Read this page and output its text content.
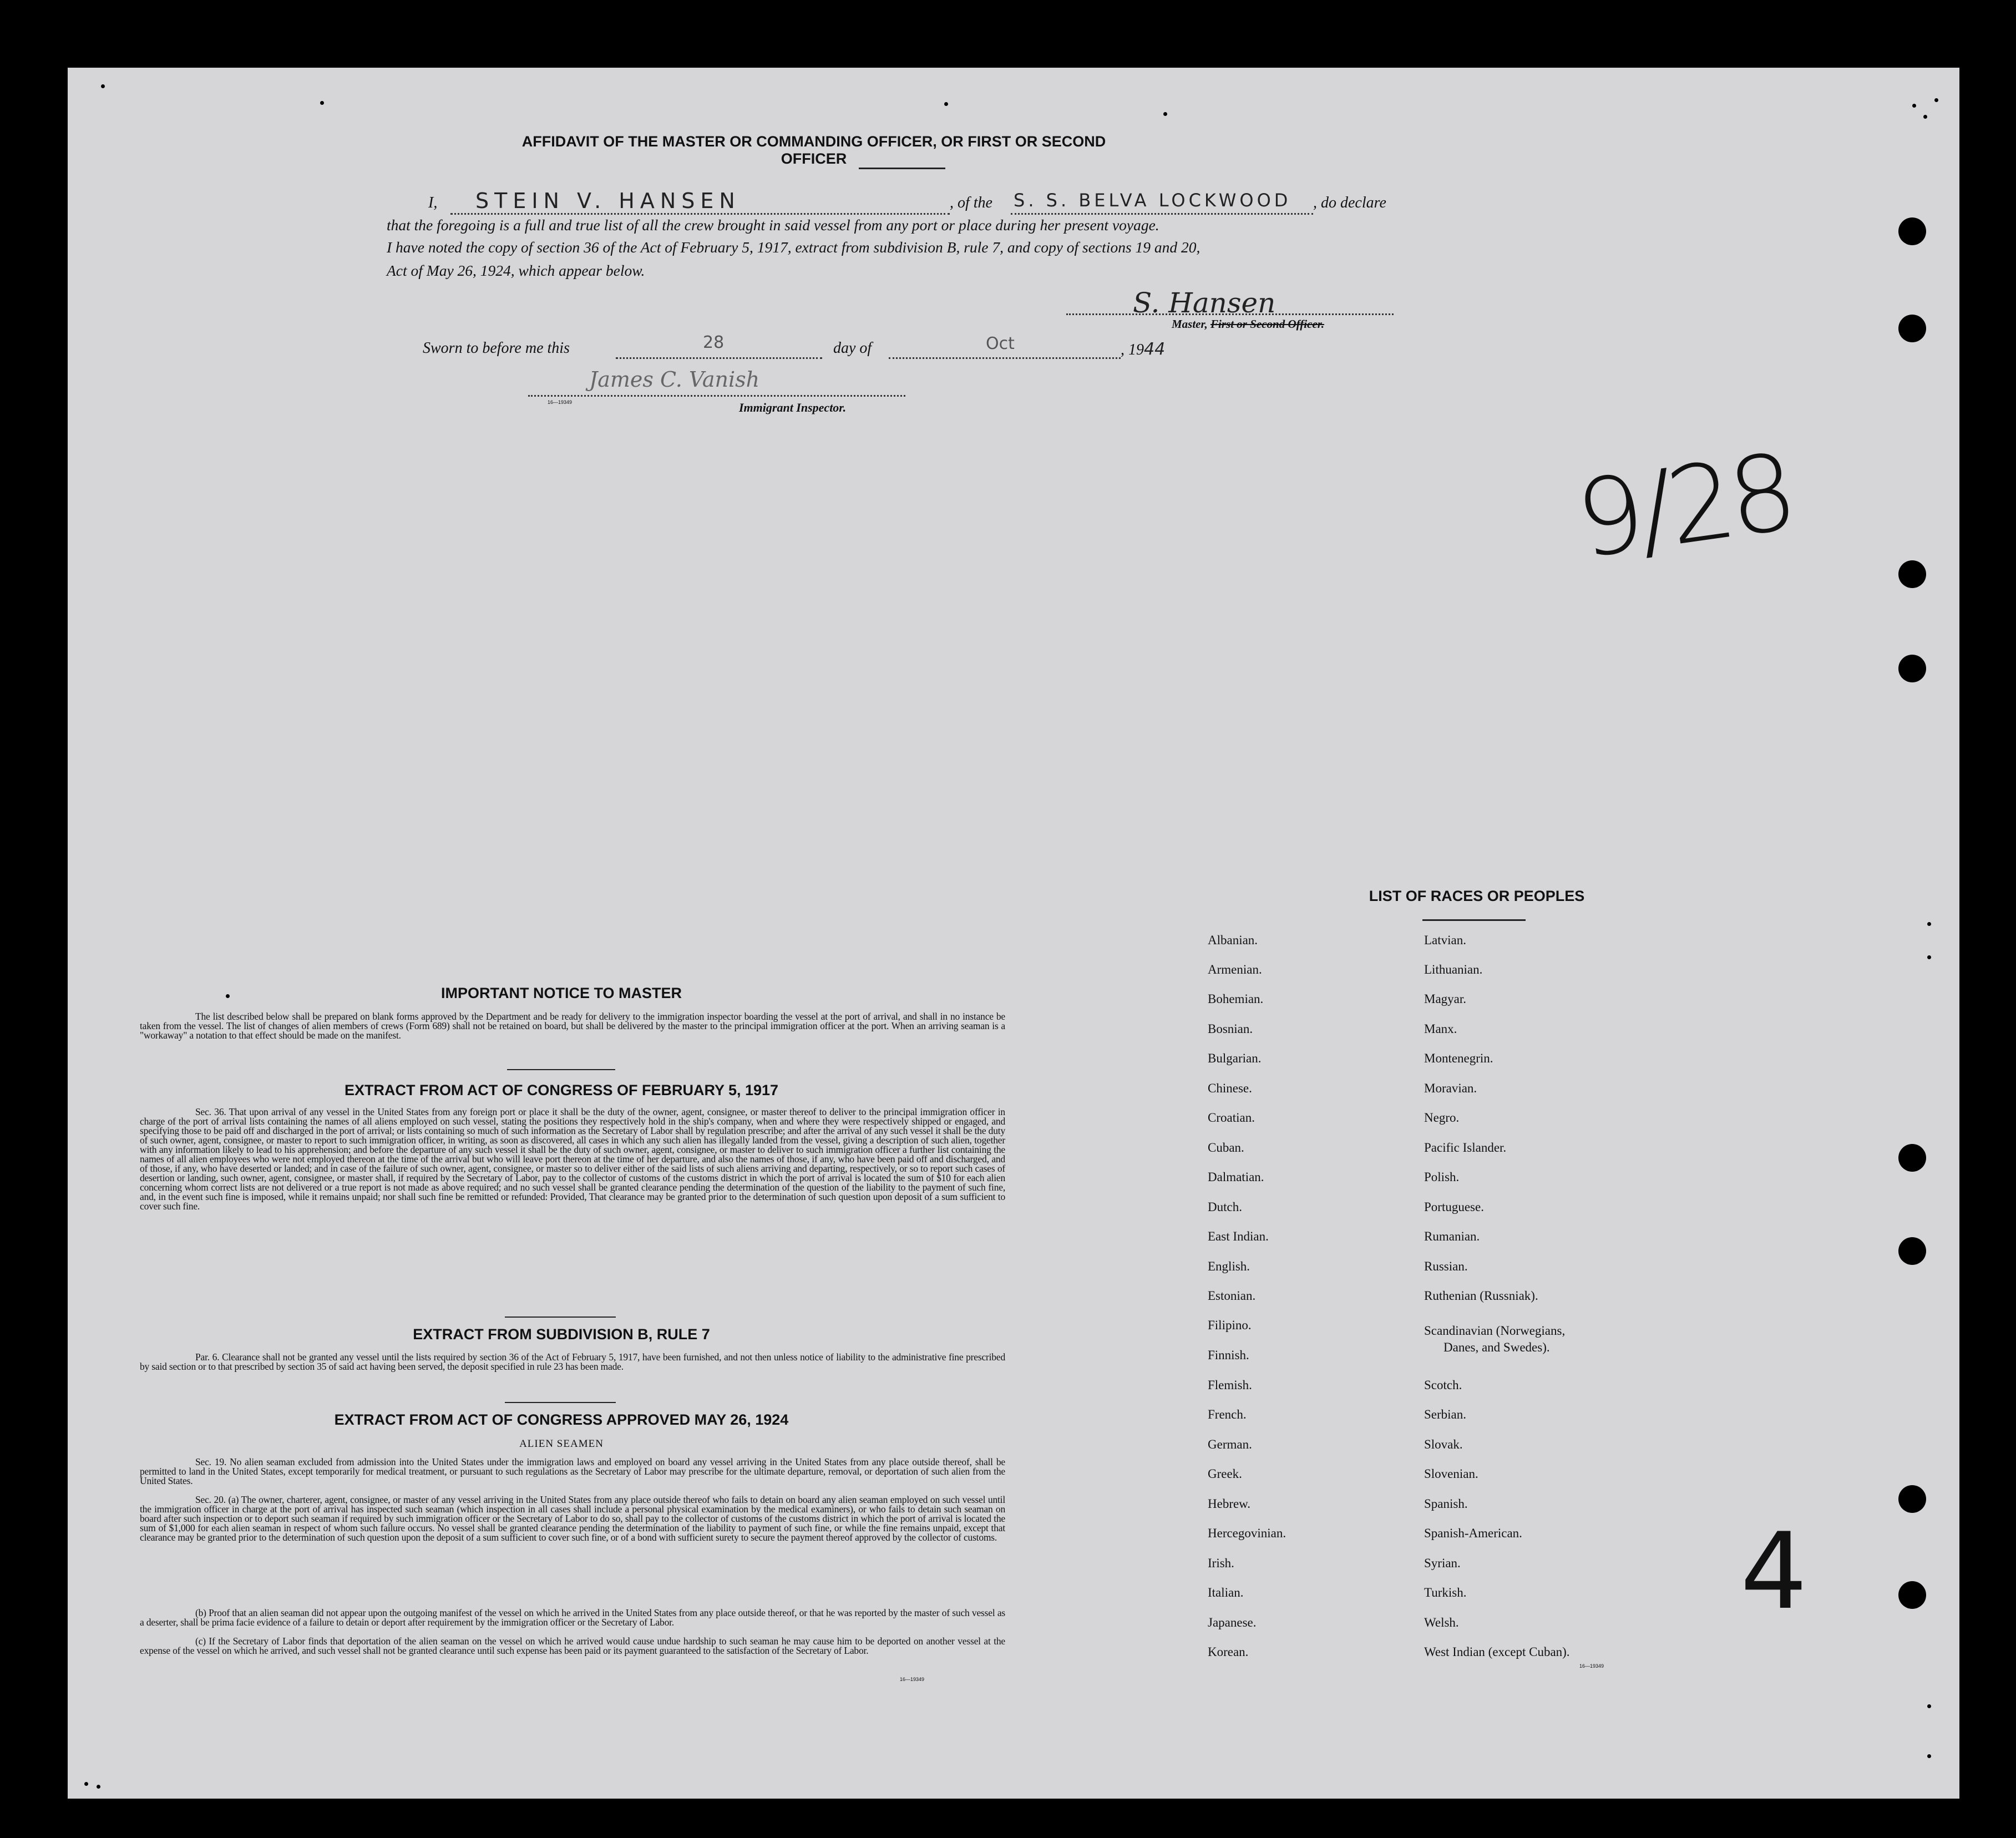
AFFIDAVIT OF THE MASTER OR COMMANDING OFFICER, OR FIRST OR SECOND OFFICER
I, STEIN V. HANSEN	, of the S. S. BELVA LOCKWOOD , do declare
that the foregoing is a full and true list of all the crew brought in said vessel from any port or place during her present voyage.
I have noted the copy of section 36 of the Act of February 5, 1917, extract from subdivision B, rule 7, and copy of sections 19 and 20,
Act of May 26, 1924, which appear below.
S. Hansen
Master, First or Second Officer.
Sworn to before me this	28	day of	Oct	, 1944
James C. Vanish
16—19349	Immigrant Inspector.
9/28
4
IMPORTANT NOTICE TO MASTER
The list described below shall be prepared on blank forms approved by the Department and be ready for delivery to the immigration inspector boarding the vessel at the port of arrival, and shall in no instance be taken from the vessel. The list of changes of alien members of crews (Form 689) shall not be retained on board, but shall be delivered by the master to the principal immigration officer at the port. When an arriving seaman is a "workaway" a notation to that effect should be made on the manifest.
EXTRACT FROM ACT OF CONGRESS OF FEBRUARY 5, 1917
Sec. 36. That upon arrival of any vessel in the United States from any foreign port or place it shall be the duty of the owner, agent, consignee, or master thereof to deliver to the principal immigration officer in charge of the port of arrival lists containing the names of all aliens employed on such vessel, stating the positions they respectively hold in the ship's company, when and where they were respectively shipped or engaged, and specifying those to be paid off and discharged in the port of arrival; or lists containing so much of such information as the Secretary of Labor shall by regulation prescribe; and after the arrival of any such vessel it shall be the duty of such owner, agent, consignee, or master to report to such immigration officer, in writing, as soon as discovered, all cases in which any such alien has illegally landed from the vessel, giving a description of such alien, together with any information likely to lead to his apprehension; and before the departure of any such vessel it shall be the duty of such owner, agent, consignee, or master to deliver to such immigration officer a further list containing the names of all alien employees who were not employed thereon at the time of the arrival but who will leave port thereon at the time of her departure, and also the names of those, if any, who have been paid off and discharged, and of those, if any, who have deserted or landed; and in case of the failure of such owner, agent, consignee, or master so to deliver either of the said lists of such aliens arriving and departing, respectively, or so to report such cases of desertion or landing, such owner, agent, consignee, or master shall, if required by the Secretary of Labor, pay to the collector of customs of the customs district in which the port of arrival is located the sum of $10 for each alien concerning whom correct lists are not delivered or a true report is not made as above required; and no such vessel shall be granted clearance pending the determination of the question of the liability to the payment of such fine, and, in the event such fine is imposed, while it remains unpaid; nor shall such fine be remitted or refunded: Provided, That clearance may be granted prior to the determination of such question upon deposit of a sum sufficient to cover such fine.
EXTRACT FROM SUBDIVISION B, RULE 7
Par. 6. Clearance shall not be granted any vessel until the lists required by section 36 of the Act of February 5, 1917, have been furnished, and not then unless notice of liability to the administrative fine prescribed by said section or to that prescribed by section 35 of said act having been served, the deposit specified in rule 23 has been made.
EXTRACT FROM ACT OF CONGRESS APPROVED MAY 26, 1924
ALIEN SEAMEN
Sec. 19. No alien seaman excluded from admission into the United States under the immigration laws and employed on board any vessel arriving in the United States from any place outside thereof, shall be permitted to land in the United States, except temporarily for medical treatment, or pursuant to such regulations as the Secretary of Labor may prescribe for the ultimate departure, removal, or deportation of such alien from the United States.
Sec. 20. (a) The owner, charterer, agent, consignee, or master of any vessel arriving in the United States from any place outside thereof who fails to detain on board any alien seaman employed on such vessel until the immigration officer in charge at the port of arrival has inspected such seaman (which inspection in all cases shall include a personal physical examination by the medical examiners), or who fails to detain such seaman on board after such inspection or to deport such seaman if required by such immigration officer or the Secretary of Labor to do so, shall pay to the collector of customs of the customs district in which the port of arrival is located the sum of $1,000 for each alien seaman in respect of whom such failure occurs. No vessel shall be granted clearance pending the determination of the liability to payment of such fine, or while the fine remains unpaid, except that clearance may be granted prior to the determination of such question upon the deposit of a sum sufficient to cover such fine, or of a bond with sufficient surety to secure the payment thereof approved by the collector of customs.
(b) Proof that an alien seaman did not appear upon the outgoing manifest of the vessel on which he arrived in the United States from any place outside thereof, or that he was reported by the master of such vessel as a deserter, shall be prima facie evidence of a failure to detain or deport after requirement by the immigration officer or the Secretary of Labor.
(c) If the Secretary of Labor finds that deportation of the alien seaman on the vessel on which he arrived would cause undue hardship to such seaman he may cause him to be deported on another vessel at the expense of the vessel on which he arrived, and such vessel shall not be granted clearance until such expense has been paid or its payment guaranteed to the satisfaction of the Secretary of Labor.
16—19349
LIST OF RACES OR PEOPLES
Albanian.
Armenian.
Bohemian.
Bosnian.
Bulgarian.
Chinese.
Croatian.
Cuban.
Dalmatian.
Dutch.
East Indian.
English.
Estonian.
Filipino.
Finnish.
Flemish.
French.
German.
Greek.
Hebrew.
Hercegovinian.
Irish.
Italian.
Japanese.
Korean.
Latvian.
Lithuanian.
Magyar.
Manx.
Montenegrin.
Moravian.
Negro.
Pacific Islander.
Polish.
Portuguese.
Rumanian.
Russian.
Ruthenian (Russniak).
Scandinavian (Norwegians,
Danes, and Swedes).
Scotch.
Serbian.
Slovak.
Slovenian.
Spanish.
Spanish-American.
Syrian.
Turkish.
Welsh.
West Indian (except Cuban).
16—19349
